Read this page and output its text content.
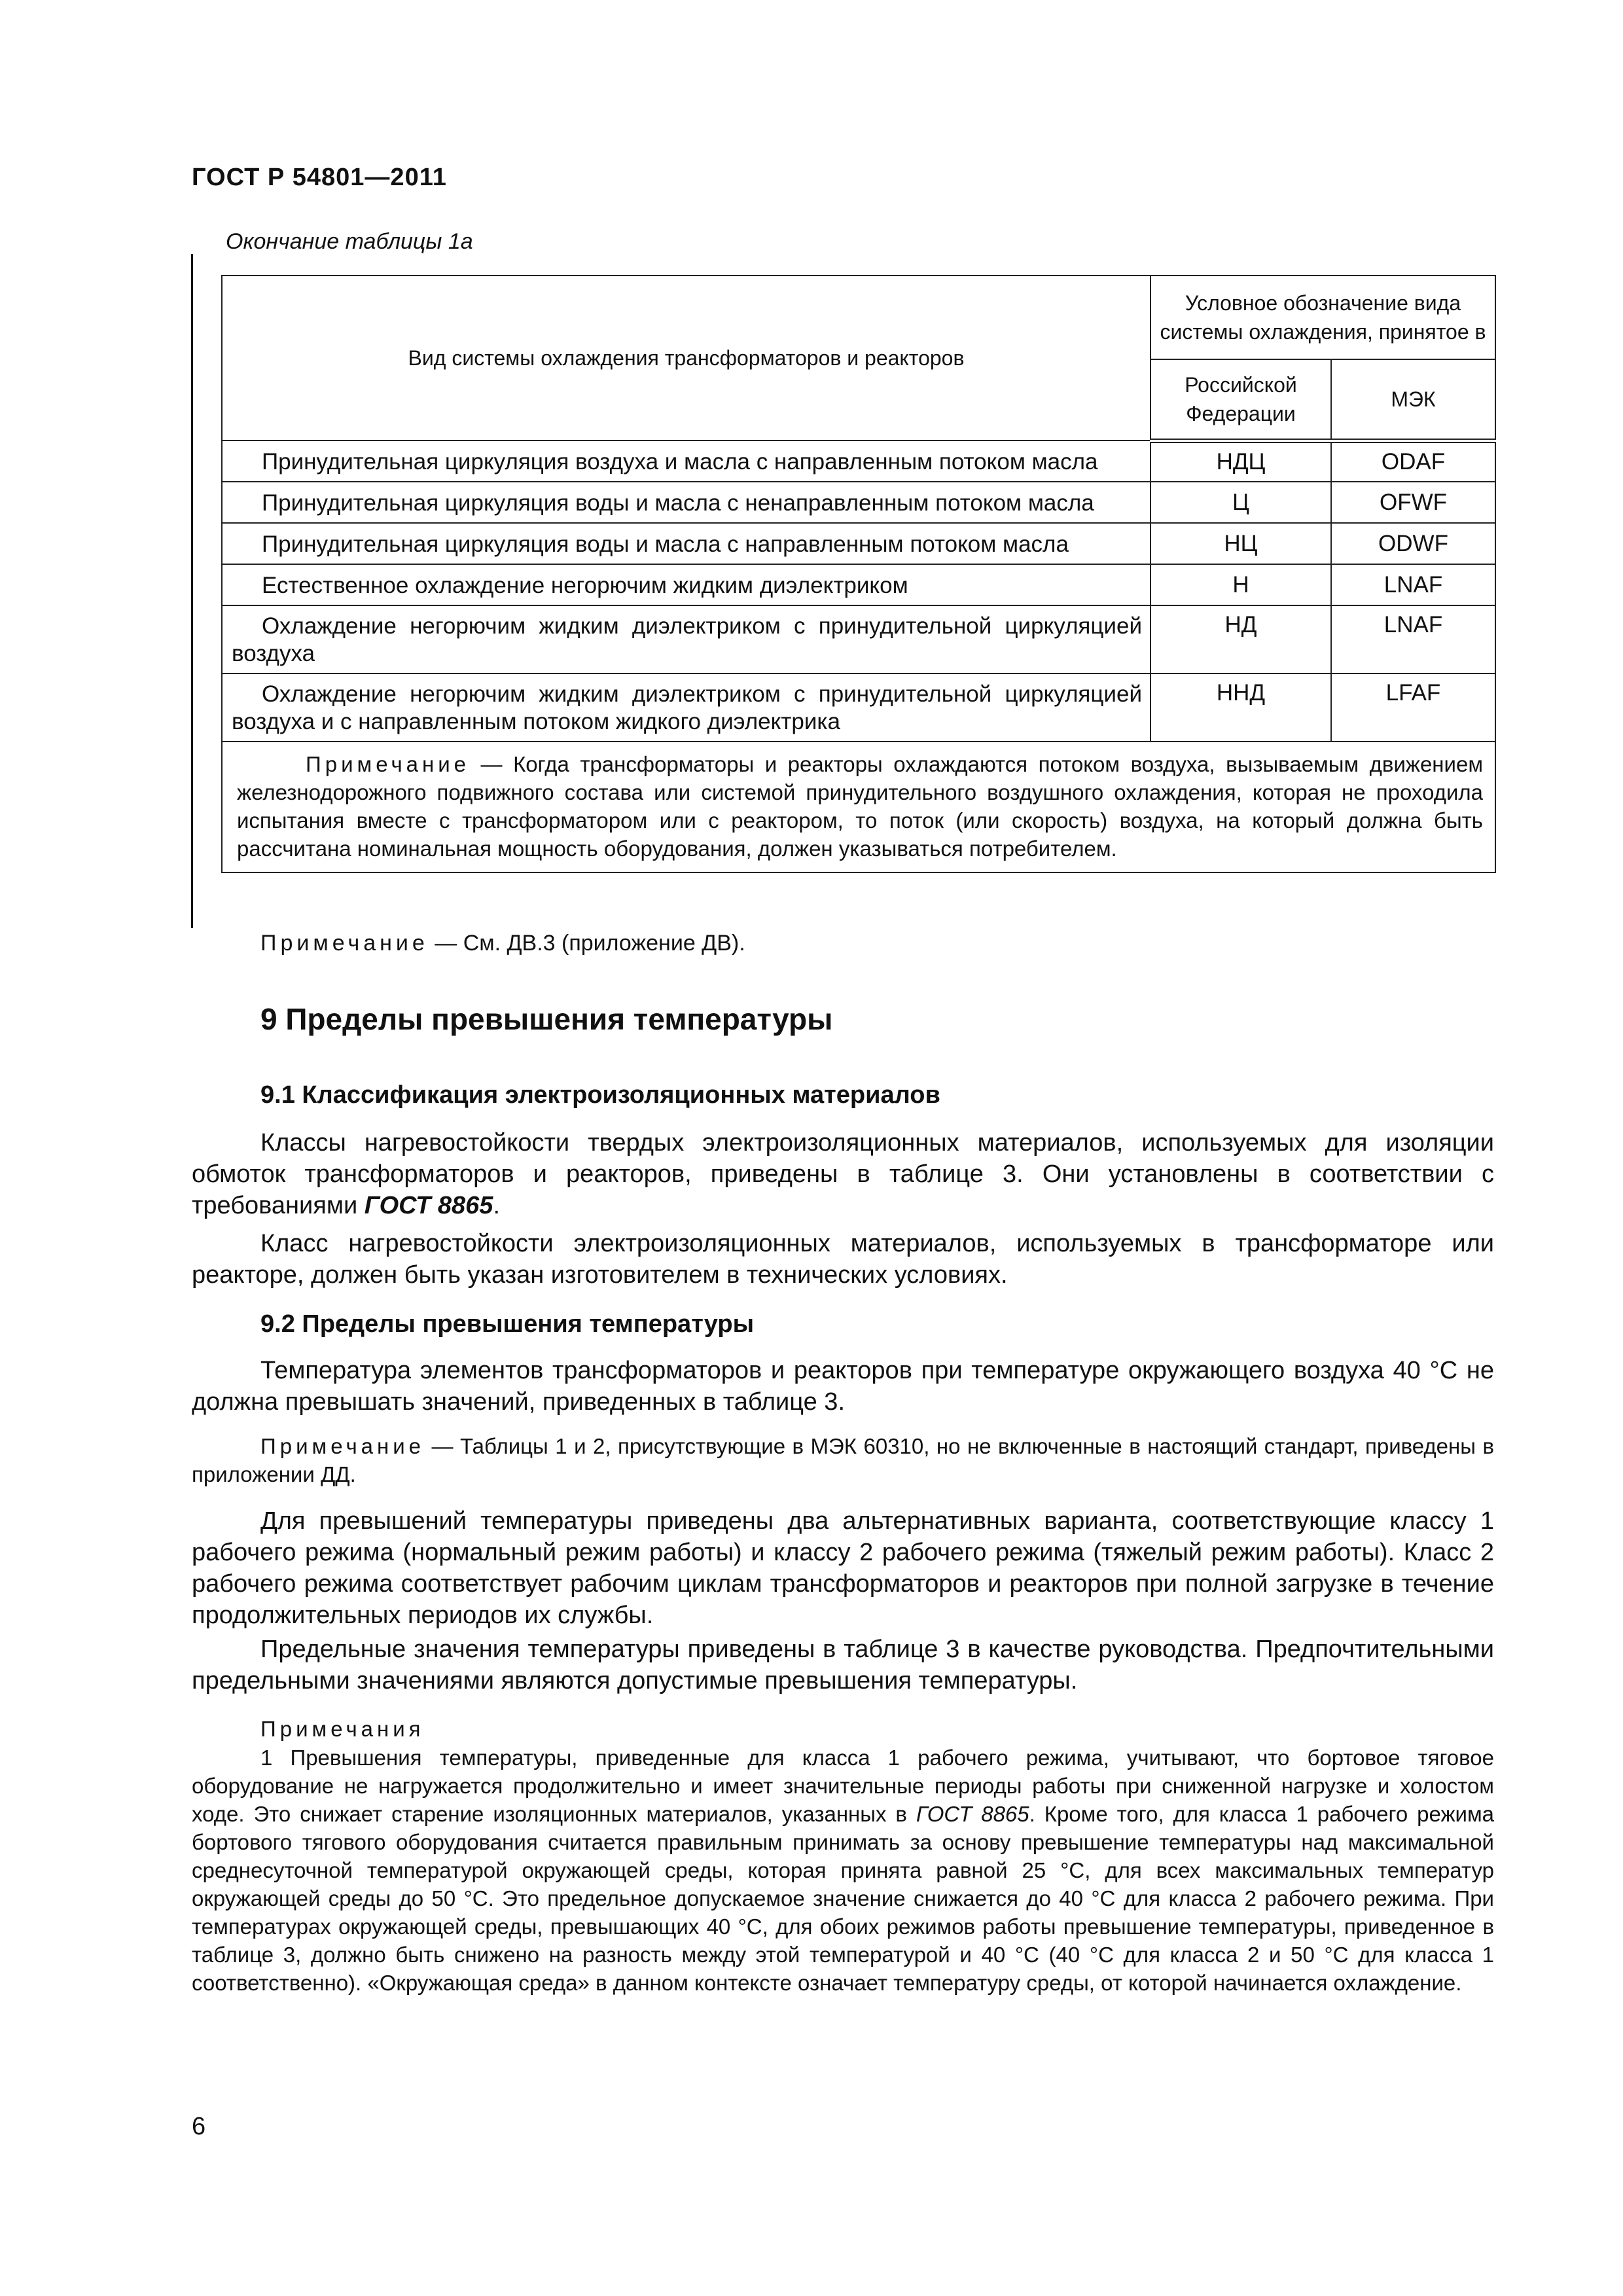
ГОСТ Р 54801—2011
Окончание таблицы 1а
Вид системы охлаждения трансформаторов и реакторов	Условное обозначение вида системы охлаждения, принятое в	
	Российской Федерации	МЭК
Принудительная циркуляция воздуха и масла с направленным потоком масла	НДЦ	ODAF
Принудительная циркуляция воды и масла с ненаправленным потоком масла	Ц	OFWF
Принудительная циркуляция воды и масла с направленным потоком масла	НЦ	ODWF
Естественное охлаждение негорючим жидким диэлектриком	Н	LNAF
Охлаждение негорючим жидким диэлектриком с принудительной циркуляцией воздуха	НД	LNAF
Охлаждение негорючим жидким диэлектриком с принудительной циркуляцией воздуха и с направленным потоком жидкого диэлектрика	ННД	LFAF
Примечание — Когда трансформаторы и реакторы охлаждаются потоком воздуха, вызываемым движением железнодорожного подвижного состава или системой принудительного воздушного охлаждения, которая не проходила испытания вместе с трансформатором или с реактором, то поток (или скорость) воздуха, на который должна быть рассчитана номинальная мощность оборудования, должен указываться потребителем.		
Примечание — См. ДВ.3 (приложение ДВ).
9 Пределы превышения температуры
9.1 Классификация электроизоляционных материалов
Классы нагревостойкости твердых электроизоляционных материалов, используемых для изоляции обмоток трансформаторов и реакторов, приведены в таблице 3. Они установлены в соответствии с требованиями ГОСТ 8865.
Класс нагревостойкости электроизоляционных материалов, используемых в трансформаторе или реакторе, должен быть указан изготовителем в технических условиях.
9.2 Пределы превышения температуры
Температура элементов трансформаторов и реакторов при температуре окружающего воздуха 40 °С не должна превышать значений, приведенных в таблице 3.
Примечание — Таблицы 1 и 2, присутствующие в МЭК 60310, но не включенные в настоящий стандарт, приведены в приложении ДД.
Для превышений температуры приведены два альтернативных варианта, соответствующие классу 1 рабочего режима (нормальный режим работы) и классу 2 рабочего режима (тяжелый режим работы). Класс 2 рабочего режима соответствует рабочим циклам трансформаторов и реакторов при полной загрузке в течение продолжительных периодов их службы.
Предельные значения температуры приведены в таблице 3 в качестве руководства. Предпочтительными предельными значениями являются допустимые превышения температуры.
Примечания
1 Превышения температуры, приведенные для класса 1 рабочего режима, учитывают, что бортовое тяговое оборудование не нагружается продолжительно и имеет значительные периоды работы при сниженной нагрузке и холостом ходе. Это снижает старение изоляционных материалов, указанных в ГОСТ 8865. Кроме того, для класса 1 рабочего режима бортового тягового оборудования считается правильным принимать за основу превышение температуры над максимальной среднесуточной температурой окружающей среды, которая принята равной 25 °С, для всех максимальных температур окружающей среды до 50 °С. Это предельное допускаемое значение снижается до 40 °С для класса 2 рабочего режима. При температурах окружающей среды, превышающих 40 °С, для обоих режимов работы превышение температуры, приведенное в таблице 3, должно быть снижено на разность между этой температурой и 40 °С (40 °С для класса 2 и 50 °С для класса 1 соответственно). «Окружающая среда» в данном контексте означает температуру среды, от которой начинается охлаждение.
6
